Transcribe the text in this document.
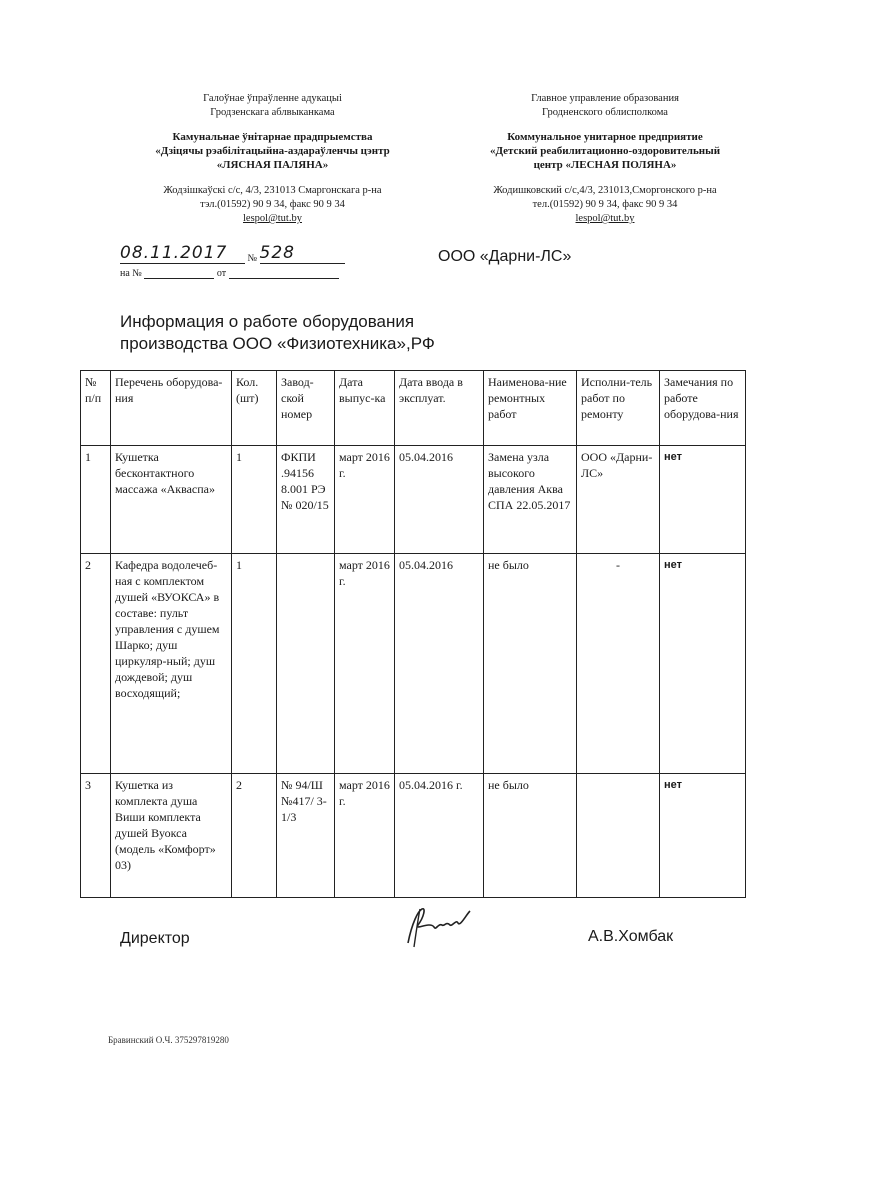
Галоўнае ўпраўленне адукацыі
Гродзенскага аблвыканкама
Камунальнае ўнітарнае прадпрыемства
«Дзіцячы рэабілітацыйна-аздараўленчы цэнтр
«ЛЯСНАЯ ПАЛЯНА»
Жодзішкаўскі с/с, 4/3, 231013 Смаргонскага р-на
тэл.(01592) 90 9 34, факс 90 9 34
lespol@tut.by
Главное управление образования
Гродненского облисполкома
Коммунальное унитарное предприятие
«Детский реабилитационно-оздоровительный
центр «ЛЕСНАЯ ПОЛЯНА»
Жодишковский с/с,4/3, 231013,Сморгонского р-на
тел.(01592) 90 9 34, факс 90 9 34
lespol@tut.by
08.11.2017 № 528
на №	от
ООО «Дарни-ЛС»
Информация о работе оборудования
производства ООО «Физиотехника»,РФ
№ п/п	Перечень оборудова-ния	Кол. (шт)	Завод-ской номер	Дата выпус-ка	Дата ввода в эксплуат.	Наименова-ние ремонтных работ	Исполни-тель работ по ремонту	Замечания по работе оборудова-ния
1	Кушетка бесконтактного массажа «Акваспа»	1	ФКПИ .94156 8.001 РЭ № 020/15	март 2016 г.	05.04.2016	Замена узла высокого давления Аква СПА 22.05.2017	ООО «Дарни-ЛС»	нет
2	Кафедра водолечеб-ная с комплектом душей «ВУОКСА» в составе: пульт управления с душем Шарко; душ циркуляр-ный; душ дождевой; душ восходящий;	1		март 2016 г.	05.04.2016	не было	-	нет
3	Кушетка из комплекта душа Виши комплекта душей Вуокса (модель «Комфорт» 03)	2	№ 94/Ш №417/ 3-1/3	март 2016 г.	05.04.2016 г.	не было		нет
Директор	А.В.Хомбак
Бравинский О.Ч. 375297819280
